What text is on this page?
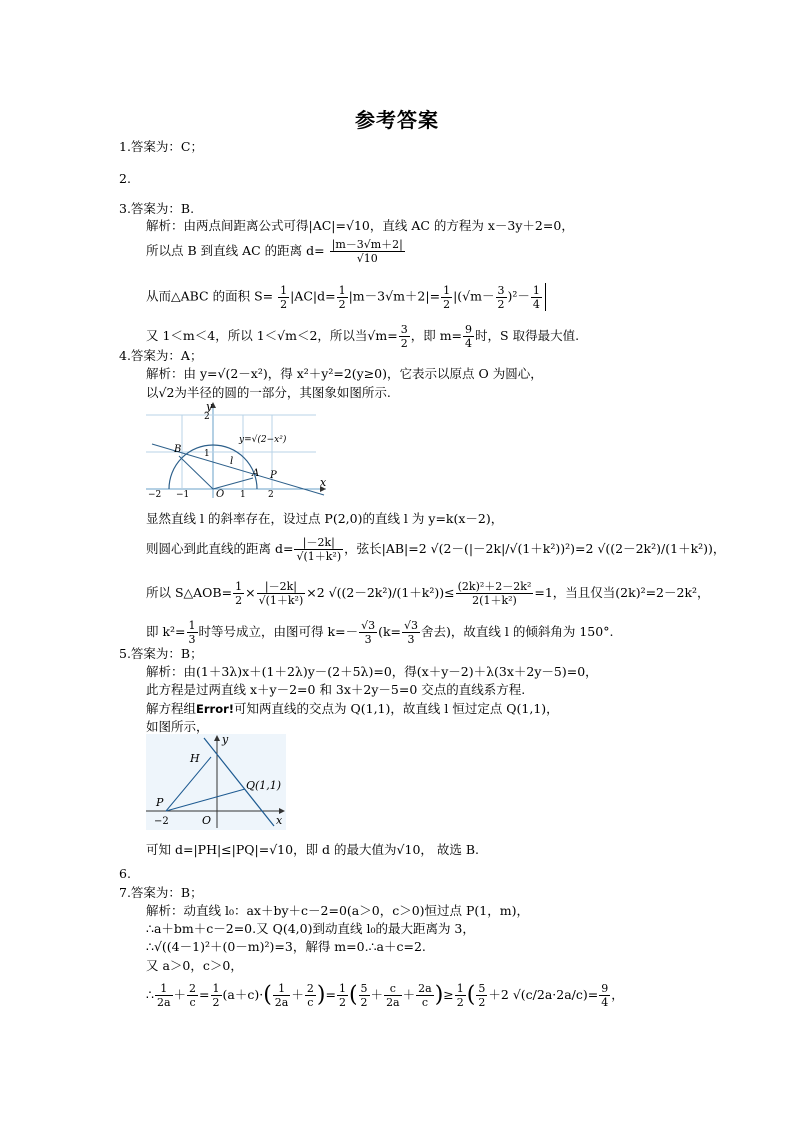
参考答案
1.答案为：C；
2.
3.答案为：B.
解析：由两点间距离公式可得|AC|=√10，直线 AC 的方程为 x－3y＋2=0，
所以点 B 到直线 AC 的距离 $d= \frac{|m-3√m+2|}{√10}$
从而△ABC 的面积 $S= \frac{1}{2} |AC|d= \frac{1}{2} |m-3√m+2|= \frac{1}{2} |(√m- \frac{3}{2} )^2- \frac{1}{4}$
又 1＜m＜4，所以 1＜√m＜2，所以当$√m= \frac{3}{2}$ ，即 $m= \frac{9}{4}$ 时，S 取得最大值.
4.答案为：A；
解析：由 y=√(2－x²)，得 x²＋y²=2(y≥0)，它表示以原点 O 为圆心，
以√2为半径的圆的一部分，其图象如图所示.
y
x
y=√(2−x²)
B
A P
O
l
1
2
−2 −1	1 2
显然直线 l 的斜率存在，设过点 P(2,0)的直线 l 为 y=k(x－2)，
则圆心到此直线的距离 $d= \frac{|-2k|}{\text{√(1＋k²)}}$ ，弦长|AB|=2 √(2－(|－2k|/√(1＋k²))²)=2 √((2－2k²)/(1＋k²))，
所以 S△AOB= $\frac{1}{2} \times \frac{|-2k|}{\text{√(1＋k²)}} \times 2$ $√((2-2k^2)/(1+k^2))\le \frac{\text{(2k)²＋2－2k²}}{\text{2(1＋k²)}} =1$，当且仅当(2k)²=2－2k²，
即 $k^2= \frac{1}{3}$ 时等号成立，由图可得 $k=- \frac{√3}{3} (k= \frac{√3}{3}$ 舍去)，故直线 l 的倾斜角为 150°.
5.答案为：B；
解析：由(1＋3λ)x＋(1＋2λ)y－(2＋5λ)=0，得(x＋y－2)＋λ(3x＋2y－5)=0，
此方程是过两直线 x＋y－2=0 和 3x＋2y－5=0 交点的直线系方程.
解方程组Error!可知两直线的交点为 Q(1,1)，故直线 l 恒过定点 Q(1,1)，
如图所示，
y
x
H
Q(1,1)
P
−2	O
可知 d=|PH|≤|PQ|=√10，即 d 的最大值为√10， 故选 B.
6.
7.答案为：B；
解析：动直线 l₀：ax＋by＋c－2=0(a＞0，c＞0)恒过点 P(1，m)，
∴a＋bm＋c－2=0.又 Q(4,0)到动直线 l₀的最大距离为 3，
∴√((4－1)²＋(0－m)²)=3，解得 m=0.∴a＋c=2.
又 a＞0，c＞0，
∴ $\frac{1}{2a} + \frac{2}{c} = \frac{1}{2} (a+c)\cdot( \frac{1}{2a} + \frac{2}{c}$ )= $\frac{1}{2}$ ( $\frac{5}{2} + \frac{c}{2a} + \frac{2a}{c}$ )≥ $\frac{1}{2}$ ( $\frac{5}{2} +2$ $√(c/2a\cdot 2a/c)= \frac{9}{4}$ ，
